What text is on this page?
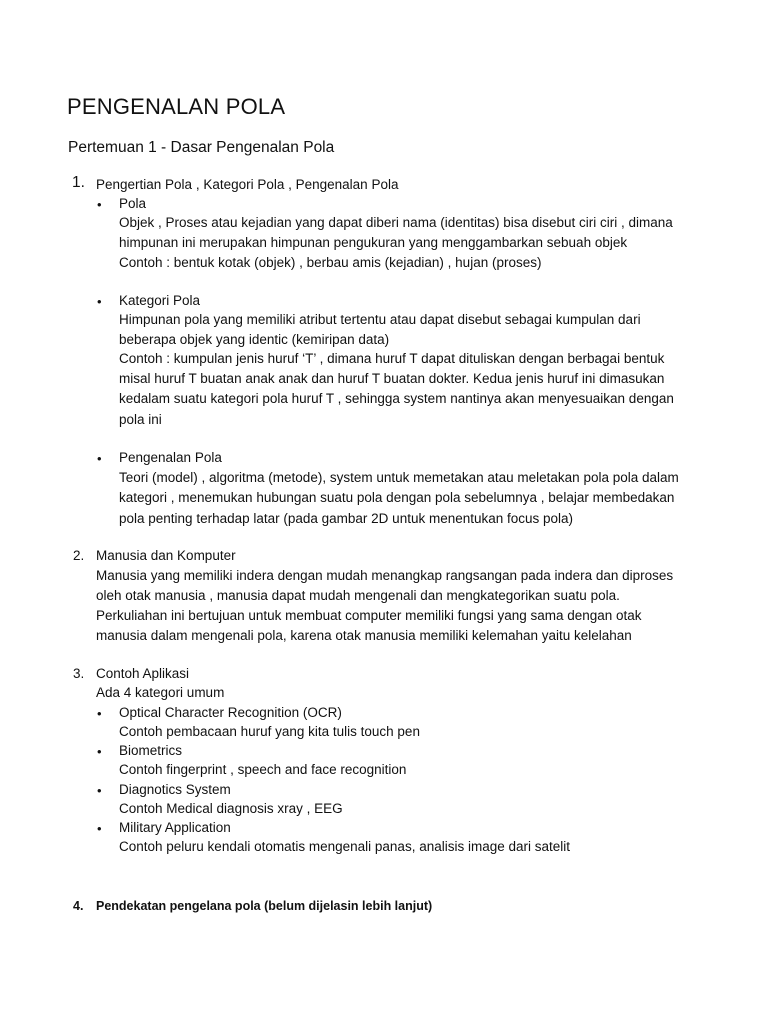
PENGENALAN POLA
Pertemuan 1 - Dasar Pengenalan Pola
1. Pengertian Pola , Kategori Pola , Pengenalan Pola
• Pola
Objek , Proses atau kejadian yang dapat diberi nama (identitas) bisa disebut ciri ciri , dimana
himpunan ini merupakan himpunan pengukuran yang menggambarkan sebuah objek
Contoh : bentuk kotak (objek) , berbau amis (kejadian) , hujan (proses)
• Kategori Pola
Himpunan pola yang memiliki atribut tertentu atau dapat disebut sebagai kumpulan dari
beberapa objek yang identic (kemiripan data)
Contoh : kumpulan jenis huruf ‘T’ , dimana huruf T dapat dituliskan dengan berbagai bentuk
misal huruf T buatan anak anak dan huruf T buatan dokter. Kedua jenis huruf ini dimasukan
kedalam suatu kategori pola huruf T , sehingga system nantinya akan menyesuaikan dengan
pola ini
• Pengenalan Pola
Teori (model) , algoritma (metode), system untuk memetakan atau meletakan pola pola dalam
kategori , menemukan hubungan suatu pola dengan pola sebelumnya , belajar membedakan
pola penting terhadap latar (pada gambar 2D untuk menentukan focus pola)
2. Manusia dan Komputer
Manusia yang memiliki indera dengan mudah menangkap rangsangan pada indera dan diproses
oleh otak manusia , manusia dapat mudah mengenali dan mengkategorikan suatu pola.
Perkuliahan ini bertujuan untuk membuat computer memiliki fungsi yang sama dengan otak
manusia dalam mengenali pola, karena otak manusia memiliki kelemahan yaitu kelelahan
3. Contoh Aplikasi
Ada 4 kategori umum
• Optical Character Recognition (OCR)
Contoh pembacaan huruf yang kita tulis touch pen
• Biometrics
Contoh fingerprint , speech and face recognition
• Diagnotics System
Contoh Medical diagnosis xray , EEG
• Military Application
Contoh peluru kendali otomatis mengenali panas, analisis image dari satelit
4. Pendekatan pengelana pola (belum dijelasin lebih lanjut)
